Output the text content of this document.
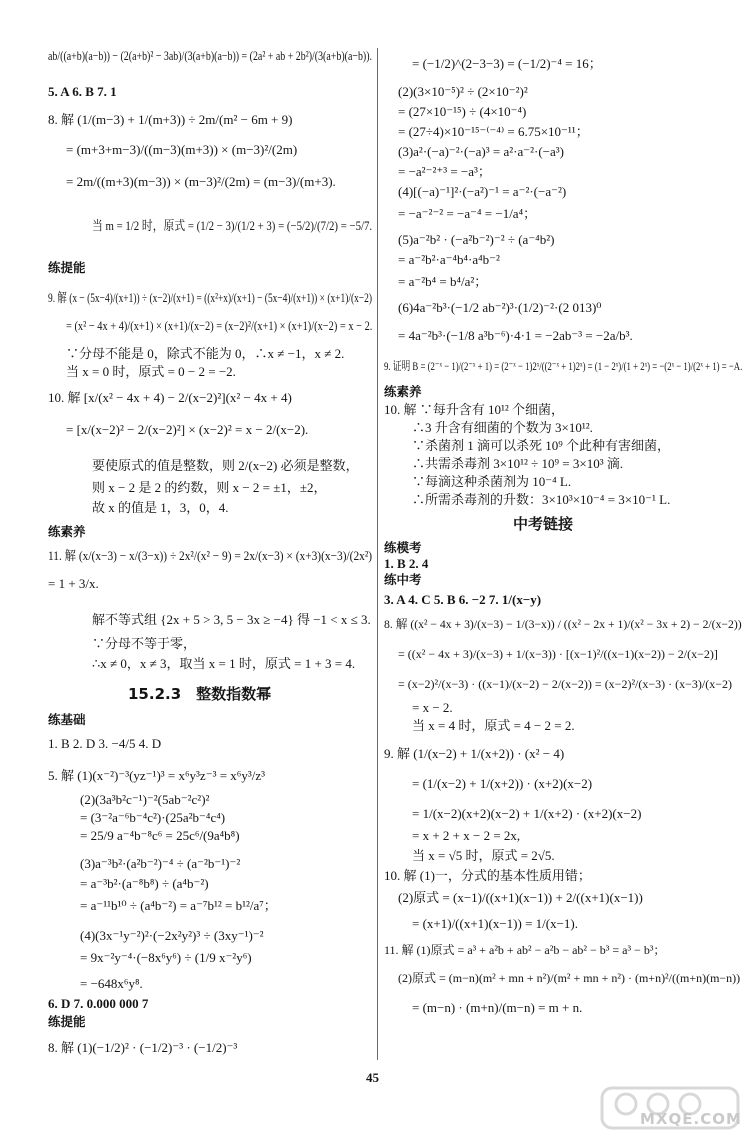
ab/((a+b)(a−b)) − (2(a+b)² − 3ab)/(3(a+b)(a−b)) = (2a² + ab + 2b²)/(3(a+b)(a−b)).
5. A 6. B 7. 1
8. 解 (1/(m−3) + 1/(m+3)) ÷ 2m/(m² − 6m + 9)
= (m+3+m−3)/((m−3)(m+3)) × (m−3)²/(2m)
= 2m/((m+3)(m−3)) × (m−3)²/(2m) = (m−3)/(m+3).
当 m = 1/2 时，原式 = (1/2 − 3)/(1/2 + 3) = (−5/2)/(7/2) = −5/7.
练提能
9. 解 (x − (5x−4)/(x+1)) ÷ (x−2)/(x+1) = ((x²+x)/(x+1) − (5x−4)/(x+1)) × (x+1)/(x−2)
= (x² − 4x + 4)/(x+1) × (x+1)/(x−2) = (x−2)²/(x+1) × (x+1)/(x−2) = x − 2.
∵分母不能是 0，除式不能为 0，∴x ≠ −1，x ≠ 2.
当 x = 0 时，原式 = 0 − 2 = −2.
10. 解 [x/(x² − 4x + 4) − 2/(x−2)²](x² − 4x + 4)
= [x/(x−2)² − 2/(x−2)²] × (x−2)² = x − 2/(x−2).
要使原式的值是整数，则 2/(x−2) 必须是整数，
则 x − 2 是 2 的约数，则 x − 2 = ±1，±2，
故 x 的值是 1，3，0，4.
练素养
11. 解 (x/(x−3) − x/(3−x)) ÷ 2x²/(x² − 9) = 2x/(x−3) × (x+3)(x−3)/(2x²)
= 1 + 3/x.
解不等式组 {2x + 5 > 3, 5 − 3x ≥ −4} 得 −1 < x ≤ 3.
∵分母不等于零，
∴x ≠ 0，x ≠ 3，取当 x = 1 时，原式 = 1 + 3 = 4.
15.2.3　整数指数幂
练基础
1. B 2. D 3. −4/5 4. D
5. 解 (1)(x⁻²)⁻³(yz⁻¹)³ = x⁶y³z⁻³ = x⁶y³/z³
(2)(3a³b²c⁻¹)⁻²(5ab⁻²c²)²
= (3⁻²a⁻⁶b⁻⁴c²)·(25a²b⁻⁴c⁴)
= 25/9 a⁻⁴b⁻⁸c⁶ = 25c⁶/(9a⁴b⁸)
(3)a⁻³b²·(a²b⁻²)⁻⁴ ÷ (a⁻²b⁻¹)⁻²
= a⁻³b²·(a⁻⁸b⁸) ÷ (a⁴b⁻²)
= a⁻¹¹b¹⁰ ÷ (a⁴b⁻²) = a⁻⁷b¹² = b¹²/a⁷；
(4)(3x⁻¹y⁻²)²·(−2x²y²)³ ÷ (3xy⁻¹)⁻²
= 9x⁻²y⁻⁴·(−8x⁶y⁶) ÷ (1/9 x⁻²y⁶)
= −648x⁶y⁸.
6. D 7. 0.000 000 7
练提能
8. 解 (1)(−1/2)² · (−1/2)⁻³ · (−1/2)⁻³
= (−1/2)^(2−3−3) = (−1/2)⁻⁴ = 16；
(2)(3×10⁻⁵)² ÷ (2×10⁻²)²
= (27×10⁻¹⁵) ÷ (4×10⁻⁴)
= (27÷4)×10⁻¹⁵⁻⁽⁻⁴⁾ = 6.75×10⁻¹¹；
(3)a²·(−a)⁻²·(−a)³ = a²·a⁻²·(−a³)
= −a²⁻²⁺³ = −a³；
(4)[(−a)⁻¹]²·(−a²)⁻¹ = a⁻²·(−a⁻²)
= −a⁻²⁻² = −a⁻⁴ = −1/a⁴；
(5)a⁻²b² · (−a²b⁻²)⁻² ÷ (a⁻⁴b²)
= a⁻²b²·a⁻⁴b⁴·a⁴b⁻²
= a⁻²b⁴ = b⁴/a²；
(6)4a⁻²b³·(−1/2 ab⁻²)³·(1/2)⁻²·(2 013)⁰
= 4a⁻²b³·(−1/8 a³b⁻⁶)·4·1 = −2ab⁻³ = −2a/b³.
9. 证明 B = (2⁻ˣ − 1)/(2⁻ˣ + 1) = (2⁻ˣ − 1)2ˣ/((2⁻ˣ + 1)2ˣ) = (1 − 2ˣ)/(1 + 2ˣ) = −(2ˣ − 1)/(2ˣ + 1) = −A.
练素养
10. 解 ∵每升含有 10¹² 个细菌，
∴3 升含有细菌的个数为 3×10¹².
∵杀菌剂 1 滴可以杀死 10⁹ 个此种有害细菌，
∴共需杀毒剂 3×10¹² ÷ 10⁹ = 3×10³ 滴.
∵每滴这种杀菌剂为 10⁻⁴ L.
∴所需杀毒剂的升数：3×10³×10⁻⁴ = 3×10⁻¹ L.
中考链接
练模考
1. B 2. 4
练中考
3. A 4. C 5. B 6. −2 7. 1/(x−y)
8. 解 ((x² − 4x + 3)/(x−3) − 1/(3−x)) / ((x² − 2x + 1)/(x² − 3x + 2) − 2/(x−2))
= ((x² − 4x + 3)/(x−3) + 1/(x−3)) · [(x−1)²/((x−1)(x−2)) − 2/(x−2)]
= (x−2)²/(x−3) · ((x−1)/(x−2) − 2/(x−2)) = (x−2)²/(x−3) · (x−3)/(x−2)
= x − 2.
当 x = 4 时，原式 = 4 − 2 = 2.
9. 解 (1/(x−2) + 1/(x+2)) · (x² − 4)
= (1/(x−2) + 1/(x+2)) · (x+2)(x−2)
= 1/(x−2)(x+2)(x−2) + 1/(x+2) · (x+2)(x−2)
= x + 2 + x − 2 = 2x,
当 x = √5 时，原式 = 2√5.
10. 解 (1)一，分式的基本性质用错；
(2)原式 = (x−1)/((x+1)(x−1)) + 2/((x+1)(x−1))
= (x+1)/((x+1)(x−1)) = 1/(x−1).
11. 解 (1)原式 = a³ + a²b + ab² − a²b − ab² − b³ = a³ − b³；
(2)原式 = (m−n)(m² + mn + n²)/(m² + mn + n²) · (m+n)²/((m+n)(m−n))
= (m−n) · (m+n)/(m−n) = m + n.
45
MXQE.COM
